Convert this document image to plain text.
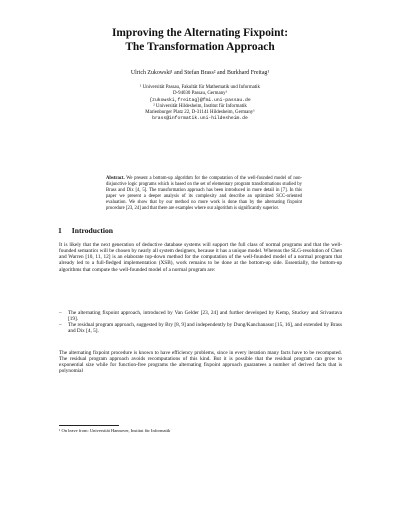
Improving the Alternating Fixpoint:
The Transformation Approach
Ulrich Zukowski¹ and Stefan Brass² and Burkhard Freitag¹
¹ Universität Passau, Fakultät für Mathematik und Informatik
D-94030 Passau, Germany¹
{zukowski,freitag}@fmi.uni-passau.de
² Universität Hildesheim, Institut für Informatik
Marienburger Platz 22, D-31141 Hildesheim, Germany¹
brass@informatik.uni-hildesheim.de
Abstract. We present a bottom-up algorithm for the computation of the well-founded model of non-disjunctive logic programs which is based on the set of elementary program transformations studied by Brass and Dix [4, 5]. The transformation approach has been introduced in more detail in [7]. In this paper we present a deeper analysis of its complexity and describe an optimized SCC-oriented evaluation. We show that by our method no more work is done than by the alternating fixpoint procedure [23, 24] and that there are examples where our algorithm is significantly superior.
1 Introduction
It is likely that the next generation of deductive database systems will support the full class of normal programs and that the well-founded semantics will be chosen by nearly all system designers, because it has a unique model. Whereas the SLG-resolution of Chen and Warren [10, 11, 12] is an elaborate top-down method for the computation of the well-founded model of a normal program that already led to a full-fledged implementation (XSB), work remains to be done at the bottom-up side. Essentially, the bottom-up algorithms that compute the well-founded model of a normal program are:
– The alternating fixpoint approach, introduced by Van Gelder [23, 24] and further developed by Kemp, Stuckey and Srivastava [19].
– The residual program approach, suggested by Bry [8, 9] and independently by Dung/Kanchanasut [15, 16], and extended by Brass and Dix [4, 5].
The alternating fixpoint procedure is known to have efficiency problems, since in every iteration many facts have to be recomputed. The residual program approach avoids recomputations of this kind. But it is possible that the residual program can grow to exponential size while for function-free programs the alternating fixpoint approach guarantees a number of derived facts that is polynomial
¹ On leave from: Universität Hannover, Institut für Informatik
